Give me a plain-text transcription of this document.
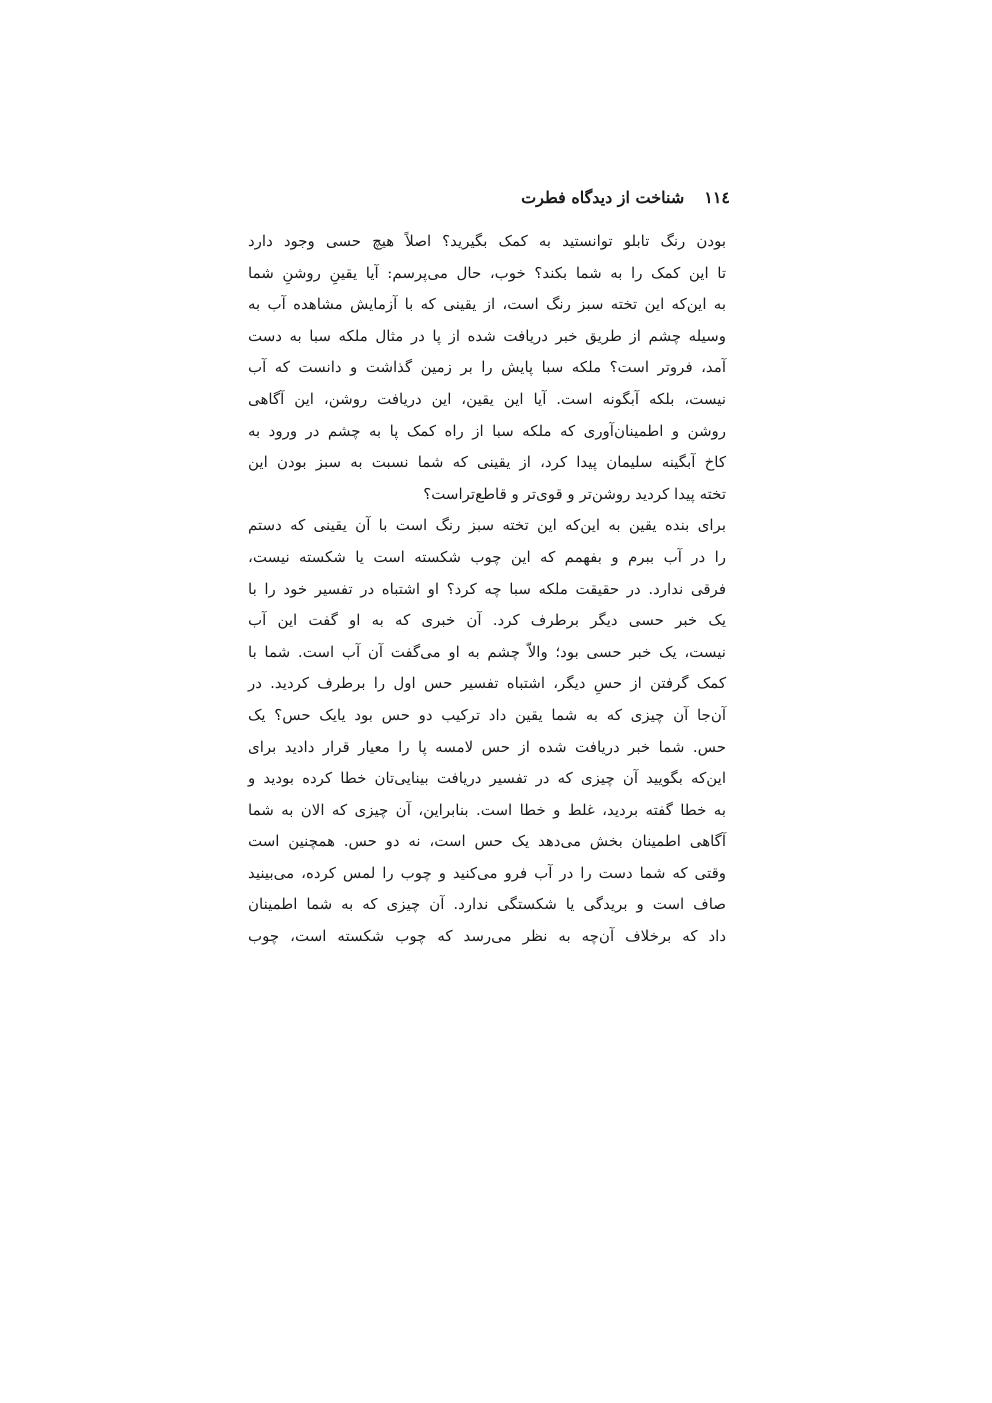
۱۱٤
شناخت از دیدگاه فطرت
بودن رنگ تابلو توانستید به کمک بگیرید؟ اصلاً هیچ حسی وجود دارد
تا این کمک را به شما بکند؟ خوب، حال می‌پرسم: آیا یقینِ روشنِ شما
به این‌که این تخته سبز رنگ است، از یقینی که با آزمایش مشاهده آب به
وسیله چشم از طریق خبر دریافت شده از پا در مثال ملکه سبا به دست
آمد، فروتر است؟ ملکه سبا پایش را بر زمین گذاشت و دانست که آب
نیست، بلکه آبگونه است. آیا این یقین، این دریافت روشن، این آگاهی
روشن و اطمینان‌آوری که ملکه سبا از راه کمک پا به چشم در ورود به
کاخ آبگینه سلیمان پیدا کرد، از یقینی که شما نسبت به سبز بودن این
تخته پیدا کردید روشن‌تر و قوی‌تر و قاطع‌تراست؟
برای بنده یقین به این‌که این تخته سبز رنگ است با آن یقینی که دستم
را در آب ببرم و بفهمم که این چوب شکسته است یا شکسته نیست،
فرقی ندارد. در حقیقت ملکه سبا چه کرد؟ او اشتباه در تفسیر خود را با
یک خبر حسی دیگر برطرف کرد. آن خبری که به او گفت این آب
نیست، یک خبر حسی بود؛ والاّ چشم به او می‌گفت آن آب است. شما با
کمک گرفتن از حسِ دیگر، اشتباه تفسیر حس اول را برطرف کردید. در
آن‌جا آن چیزی که به شما یقین داد ترکیب دو حس بود یایک حس؟ یک
حس. شما خبر دریافت شده از حس لامسه پا را معیار قرار دادید برای
این‌که بگویید آن چیزی که در تفسیر دریافت بینایی‌تان خطا کرده بودید و
به خطا گفته بردید، غلط و خطا است. بنابراین، آن چیزی که الان به شما
آگاهی اطمینان بخش می‌دهد یک حس است، نه دو حس. همچنین است
وقتی که شما دست را در آب فرو می‌کنید و چوب را لمس کرده، می‌بینید
صاف است و بریدگی یا شکستگی ندارد. آن چیزی که به شما اطمینان
داد که برخلاف آن‌چه به نظر می‌رسد که چوب شکسته است، چوب
